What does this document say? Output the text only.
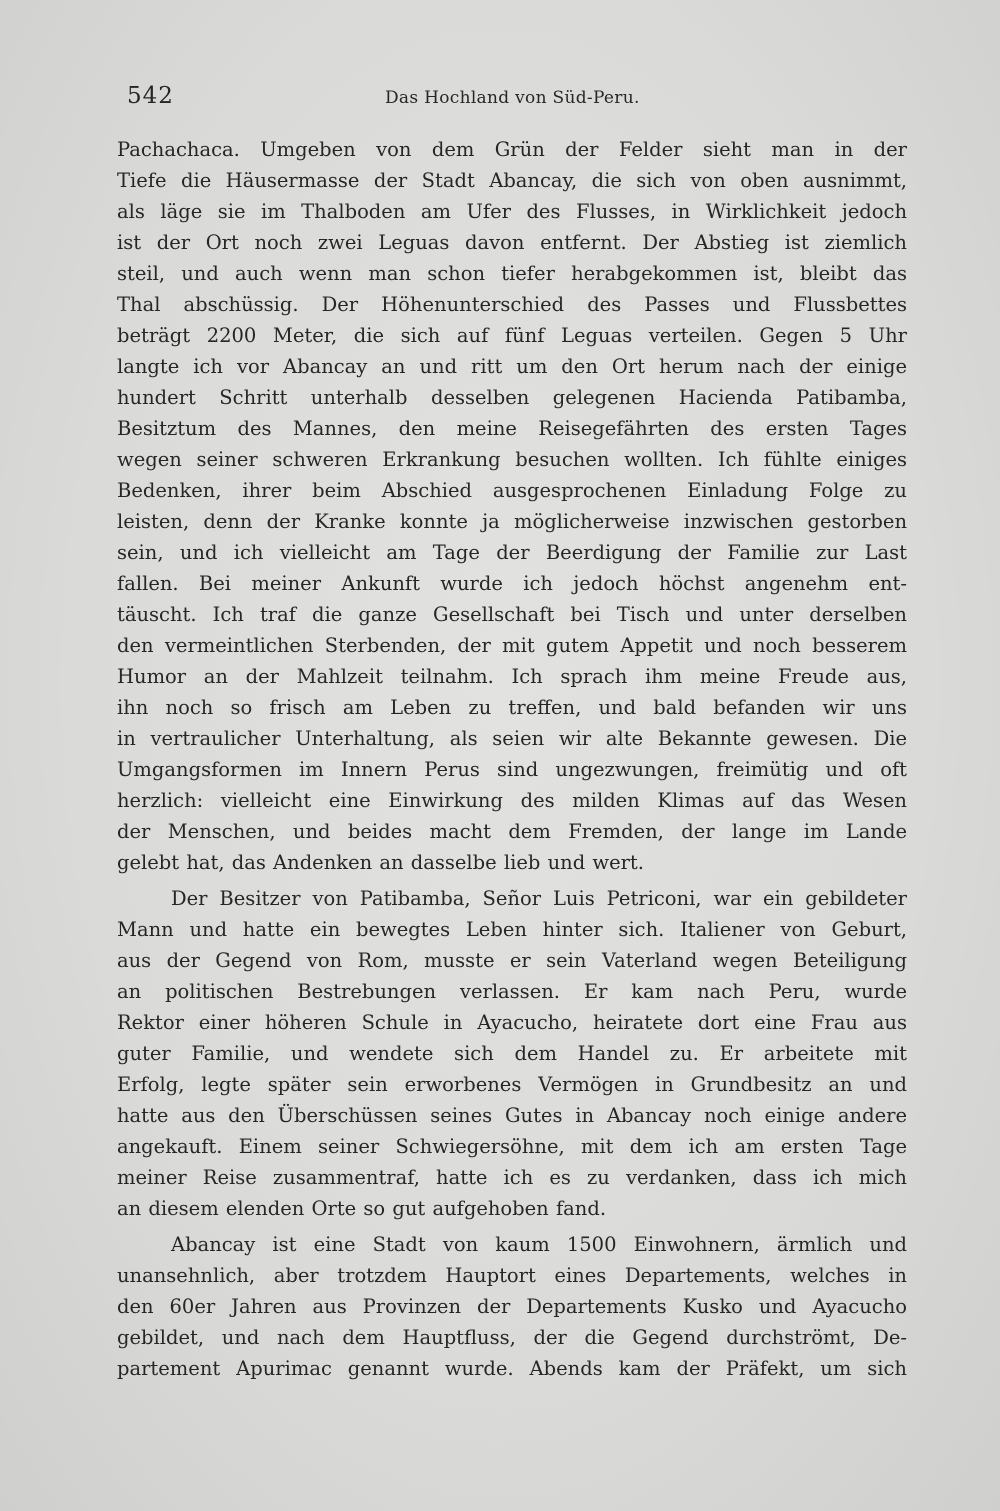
542	Das Hochland von Süd-Peru.
Pachachaca. Umgeben von dem Grün der Felder sieht man in der
Tiefe die Häusermasse der Stadt Abancay, die sich von oben ausnimmt,
als läge sie im Thalboden am Ufer des Flusses, in Wirklichkeit jedoch
ist der Ort noch zwei Leguas davon entfernt. Der Abstieg ist ziemlich
steil, und auch wenn man schon tiefer herabgekommen ist, bleibt das
Thal abschüssig. Der Höhenunterschied des Passes und Flussbettes
beträgt 2200 Meter, die sich auf fünf Leguas verteilen. Gegen 5 Uhr
langte ich vor Abancay an und ritt um den Ort herum nach der einige
hundert Schritt unterhalb desselben gelegenen Hacienda Patibamba,
Besitztum des Mannes, den meine Reisegefährten des ersten Tages
wegen seiner schweren Erkrankung besuchen wollten. Ich fühlte einiges
Bedenken, ihrer beim Abschied ausgesprochenen Einladung Folge zu
leisten, denn der Kranke konnte ja möglicherweise inzwischen gestorben
sein, und ich vielleicht am Tage der Beerdigung der Familie zur Last
fallen. Bei meiner Ankunft wurde ich jedoch höchst angenehm ent-
täuscht. Ich traf die ganze Gesellschaft bei Tisch und unter derselben
den vermeintlichen Sterbenden, der mit gutem Appetit und noch besserem
Humor an der Mahlzeit teilnahm. Ich sprach ihm meine Freude aus,
ihn noch so frisch am Leben zu treffen, und bald befanden wir uns
in vertraulicher Unterhaltung, als seien wir alte Bekannte gewesen. Die
Umgangsformen im Innern Perus sind ungezwungen, freimütig und oft
herzlich: vielleicht eine Einwirkung des milden Klimas auf das Wesen
der Menschen, und beides macht dem Fremden, der lange im Lande
gelebt hat, das Andenken an dasselbe lieb und wert.
Der Besitzer von Patibamba, Señor Luis Petriconi, war ein gebildeter
Mann und hatte ein bewegtes Leben hinter sich. Italiener von Geburt,
aus der Gegend von Rom, musste er sein Vaterland wegen Beteiligung
an politischen Bestrebungen verlassen. Er kam nach Peru, wurde
Rektor einer höheren Schule in Ayacucho, heiratete dort eine Frau aus
guter Familie, und wendete sich dem Handel zu. Er arbeitete mit
Erfolg, legte später sein erworbenes Vermögen in Grundbesitz an und
hatte aus den Überschüssen seines Gutes in Abancay noch einige andere
angekauft. Einem seiner Schwiegersöhne, mit dem ich am ersten Tage
meiner Reise zusammentraf, hatte ich es zu verdanken, dass ich mich
an diesem elenden Orte so gut aufgehoben fand.
Abancay ist eine Stadt von kaum 1500 Einwohnern, ärmlich und
unansehnlich, aber trotzdem Hauptort eines Departements, welches in
den 60er Jahren aus Provinzen der Departements Kusko und Ayacucho
gebildet, und nach dem Hauptfluss, der die Gegend durchströmt, De-
partement Apurimac genannt wurde. Abends kam der Präfekt, um sich
